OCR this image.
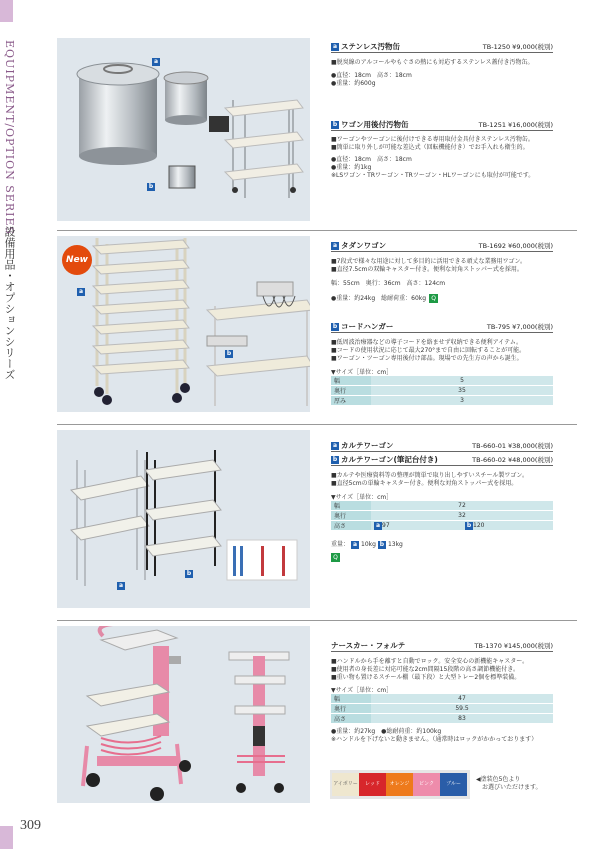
EQUIPMENT/OPTION SERIES
設備用品・オプションシリーズ
309
a
b
a ステンレス汚物缶	TB-1250 ¥9,000(税別)
■脱臭線のアルコールやもぐさの熱にも対応するステンレス蓋付き汚物缶。
●直径：18cm　高さ：18cm
●重量：約600g
b ワゴン用後付汚物缶	TB-1251 ¥16,000(税別)
■ワーゴンやツーゴンに後付けできる専用取付金具付きステンレス汚物缶。
■簡単に取り外しが可能な差込式（回転機能付き）でお手入れも衛生的。
●直径：18cm　高さ：18cm
●重量：約1kg
※LSワゴン・TRワーゴン・TRツーゴン・HLワーゴンにも取付が可能です。
New
a
b
a タダンワゴン	TB-1692 ¥60,000(税別)
■7段式で様々な用途に対して多目的に活用できる頑丈な業務用ワゴン。
■直径7.5cmの双輪キャスター付き。便利な対角ストッパー式を採用。
幅：55cm　奥行：36cm　高さ：124cm
●重量：約24kg　総耐荷重：60kg Q
b コードハンガー	TB-795 ¥7,000(税別)
■低周波治療器などの導子コードを絡ませず収納できる便利アイテム。
■コードの使用状況に応じて最大270°まで自由に回転することが可能。
■ワーゴン・ツーゴン専用後付け部品。現場での先生方の声から誕生。
▼サイズ［単位：cm］
幅	5
奥行	35
厚み	3
a
b
a カルテワーゴン	TB-660-01 ¥38,000(税別)
b カルテワーゴン(筆記台付き)	TB-660-02 ¥48,000(税別)
■カルテや医療資料等の整理が簡単で取り出しやすいスチール製ワゴン。
■直径5cmの単輪キャスター付き。便利な対角ストッパー式を採用。
▼サイズ［単位：cm］
幅	72	
奥行	32	
高さ	a 97	b 120
重量： a 10kg b 13kg
Q
ナースカー・フォルテ	TB-1370 ¥145,000(税別)
■ハンドルから手を離すと自動でロック。安全安心の新機能キャスター。
■使用者の身長差に対応可能な2cm間隔15段階の高さ調節機能付き。
■重い物も置けるスチール棚（最下段）と大型トレー2個を標準装備。
▼サイズ［単位：cm］
幅	47
奥行	59.5
高さ	83
●重量：約27kg　●総耐荷重：約100kg
※ハンドルを下げないと動きません。（通常時はロックがかかっております）
アイボリー	レッド	オレンジ	ピンク	ブルー
◀塗装色5色より
お選びいただけます。
